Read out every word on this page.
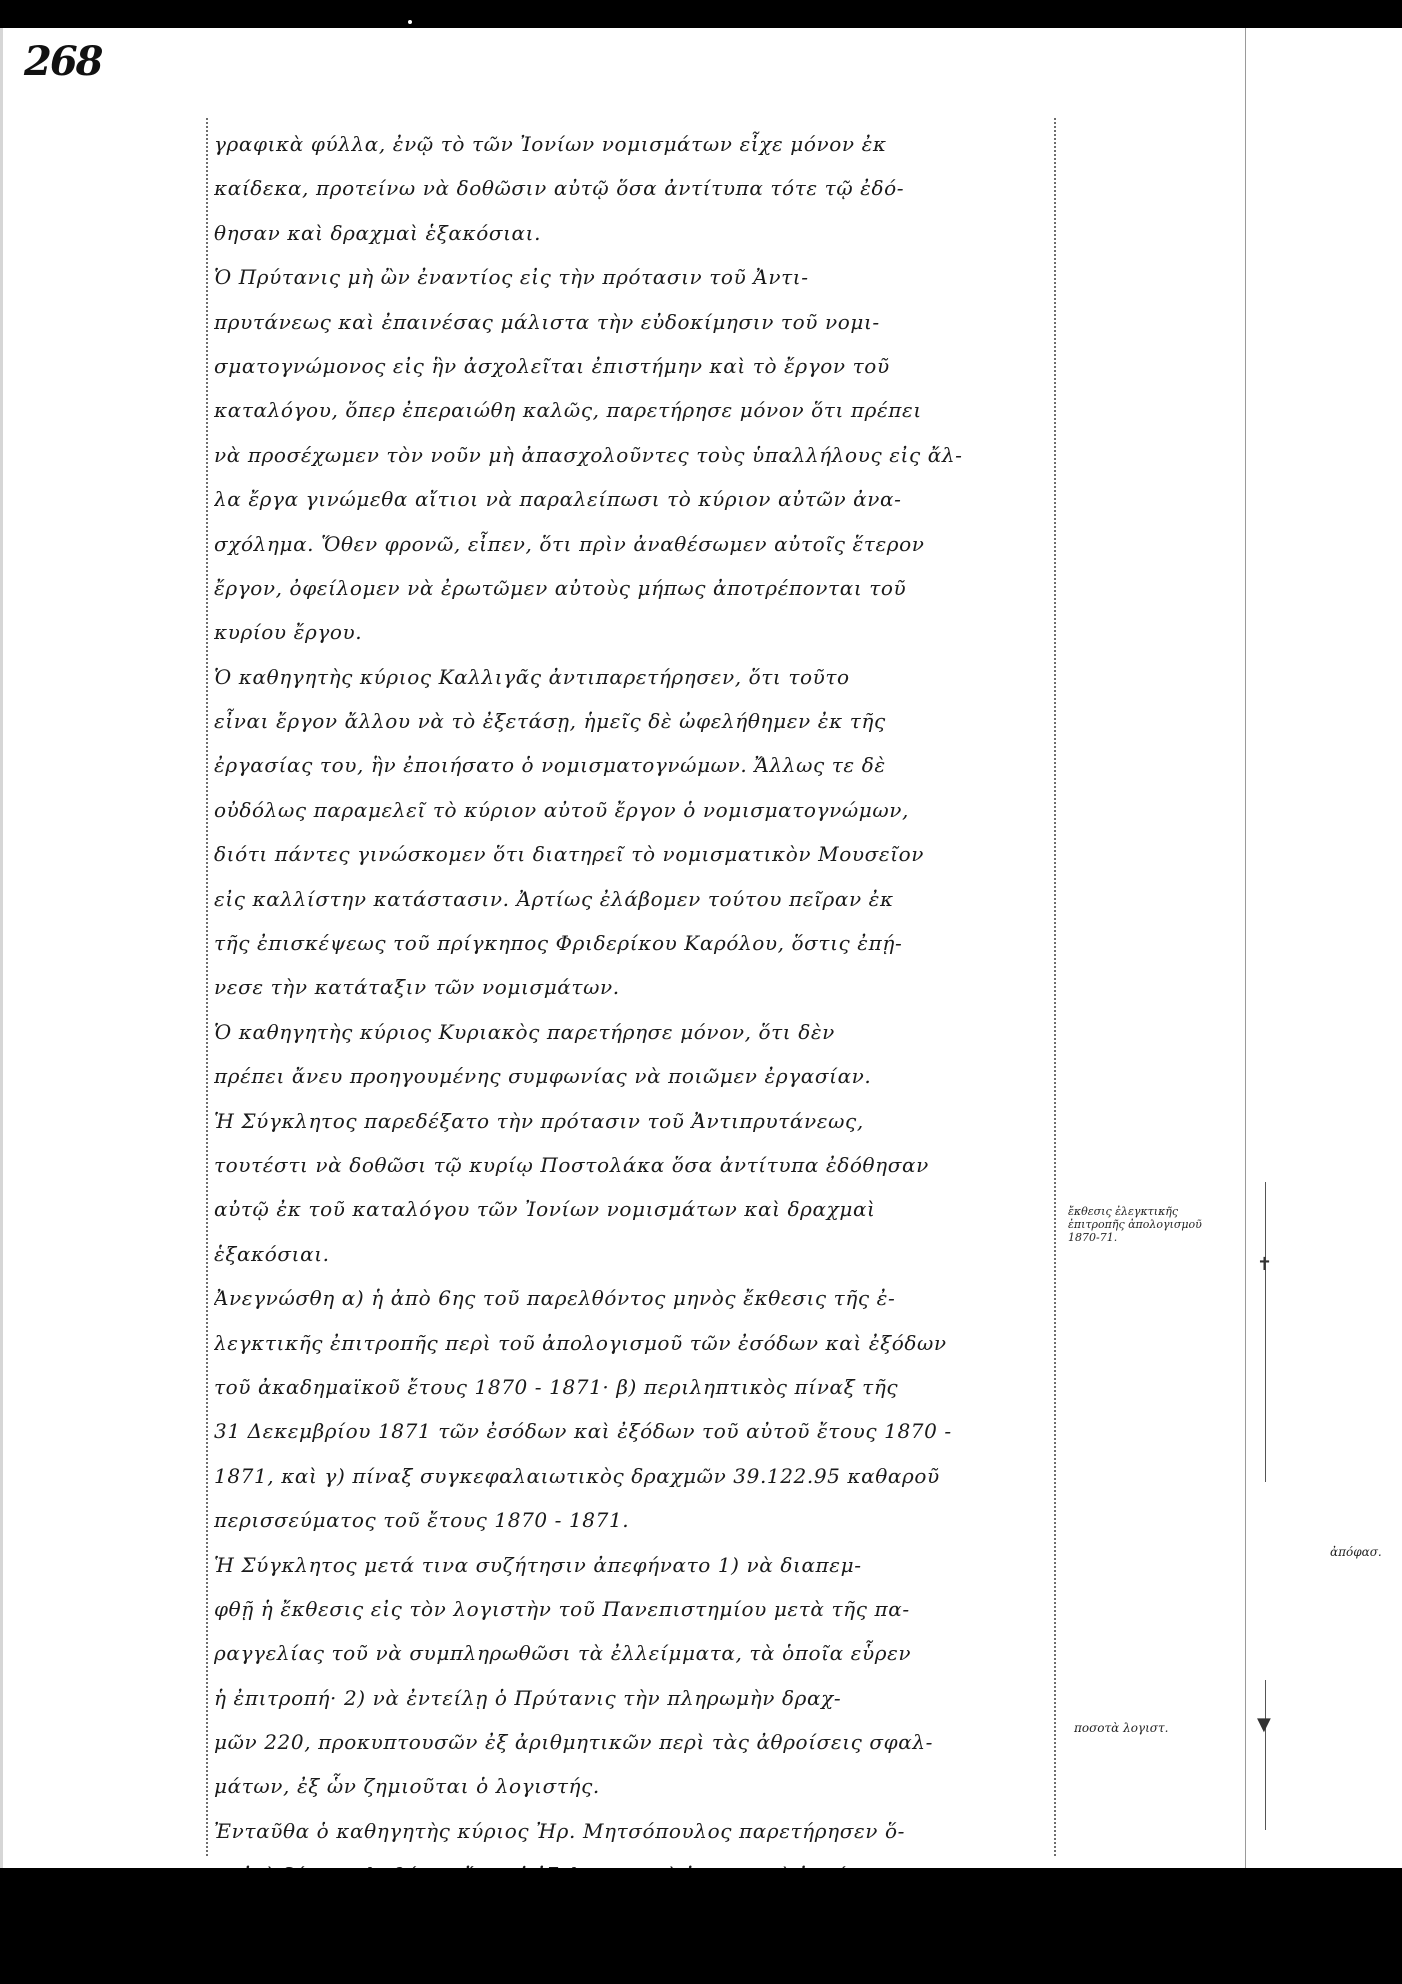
268
γραφικὰ φύλλα, ἐνῷ τὸ τῶν Ἰονίων νομισμάτων εἶχε μόνον ἐκ
καίδεκα, προτείνω νὰ δοθῶσιν αὐτῷ ὅσα ἀντίτυπα τότε τῷ ἐδό-
θησαν καὶ δραχμαὶ ἑξακόσιαι.
Ὁ Πρύτανις μὴ ὢν ἐναντίος εἰς τὴν πρότασιν τοῦ Ἀντι-
πρυτάνεως καὶ ἐπαινέσας μάλιστα τὴν εὐδοκίμησιν τοῦ νομι-
σματογνώμονος εἰς ἣν ἀσχολεῖται ἐπιστήμην καὶ τὸ ἔργον τοῦ
καταλόγου, ὅπερ ἐπεραιώθη καλῶς, παρετήρησε μόνον ὅτι πρέπει
νὰ προσέχωμεν τὸν νοῦν μὴ ἀπασχολοῦντες τοὺς ὑπαλλήλους εἰς ἄλ-
λα ἔργα γινώμεθα αἴτιοι νὰ παραλείπωσι τὸ κύριον αὐτῶν ἀνα-
σχόλημα. Ὅθεν φρονῶ, εἶπεν, ὅτι πρὶν ἀναθέσωμεν αὐτοῖς ἕτερον
ἔργον, ὀφείλομεν νὰ ἐρωτῶμεν αὐτοὺς μήπως ἀποτρέπονται τοῦ
κυρίου ἔργου.
Ὁ καθηγητὴς κύριος Καλλιγᾶς ἀντιπαρετήρησεν, ὅτι τοῦτο
εἶναι ἔργον ἄλλου νὰ τὸ ἐξετάσῃ, ἡμεῖς δὲ ὠφελήθημεν ἐκ τῆς
ἐργασίας του, ἣν ἐποιήσατο ὁ νομισματογνώμων. Ἄλλως τε δὲ
οὐδόλως παραμελεῖ τὸ κύριον αὐτοῦ ἔργον ὁ νομισματογνώμων,
διότι πάντες γινώσκομεν ὅτι διατηρεῖ τὸ νομισματικὸν Μουσεῖον
εἰς καλλίστην κατάστασιν. Ἀρτίως ἐλάβομεν τούτου πεῖραν ἐκ
τῆς ἐπισκέψεως τοῦ πρίγκηπος Φριδερίκου Καρόλου, ὅστις ἐπῄ-
νεσε τὴν κατάταξιν τῶν νομισμάτων.
Ὁ καθηγητὴς κύριος Κυριακὸς παρετήρησε μόνον, ὅτι δὲν
πρέπει ἄνευ προηγουμένης συμφωνίας νὰ ποιῶμεν ἐργασίαν.
Ἡ Σύγκλητος παρεδέξατο τὴν πρότασιν τοῦ Ἀντιπρυτάνεως,
τουτέστι νὰ δοθῶσι τῷ κυρίῳ Ποστολάκα ὅσα ἀντίτυπα ἐδόθησαν
αὐτῷ ἐκ τοῦ καταλόγου τῶν Ἰονίων νομισμάτων καὶ δραχμαὶ
ἑξακόσιαι.
Ἀνεγνώσθη α) ἡ ἀπὸ 6ης τοῦ παρελθόντος μηνὸς ἔκθεσις τῆς ἐ-
λεγκτικῆς ἐπιτροπῆς περὶ τοῦ ἀπολογισμοῦ τῶν ἐσόδων καὶ ἐξόδων
τοῦ ἀκαδημαϊκοῦ ἔτους 1870 - 1871· β) περιληπτικὸς πίναξ τῆς
31 Δεκεμβρίου 1871 τῶν ἐσόδων καὶ ἐξόδων τοῦ αὐτοῦ ἔτους 1870 -
1871, καὶ γ) πίναξ συγκεφαλαιωτικὸς δραχμῶν 39.122.95 καθαροῦ
περισσεύματος τοῦ ἔτους 1870 - 1871.
Ἡ Σύγκλητος μετά τινα συζήτησιν ἀπεφήνατο 1) νὰ διαπεμ-
φθῇ ἡ ἔκθεσις εἰς τὸν λογιστὴν τοῦ Πανεπιστημίου μετὰ τῆς πα-
ραγγελίας τοῦ νὰ συμπληρωθῶσι τὰ ἐλλείμματα, τὰ ὁποῖα εὗρεν
ἡ ἐπιτροπή· 2) νὰ ἐντείλῃ ὁ Πρύτανις τὴν πληρωμὴν δραχ-
μῶν 220, προκυπτουσῶν ἐξ ἀριθμητικῶν περὶ τὰς ἀθροίσεις σφαλ-
μάτων, ἐξ ὧν ζημιοῦται ὁ λογιστής.
Ἐνταῦθα ὁ καθηγητὴς κύριος Ἠρ. Μητσόπουλος παρετήρησεν ὅ-
ἔκθεσις ἐλεγκτικῆς ἐπιτροπῆς ἀπολογισμοῦ 1870-71.
ποσοτὰ λογιστ.
ἀπόφασ.
✝
▼
